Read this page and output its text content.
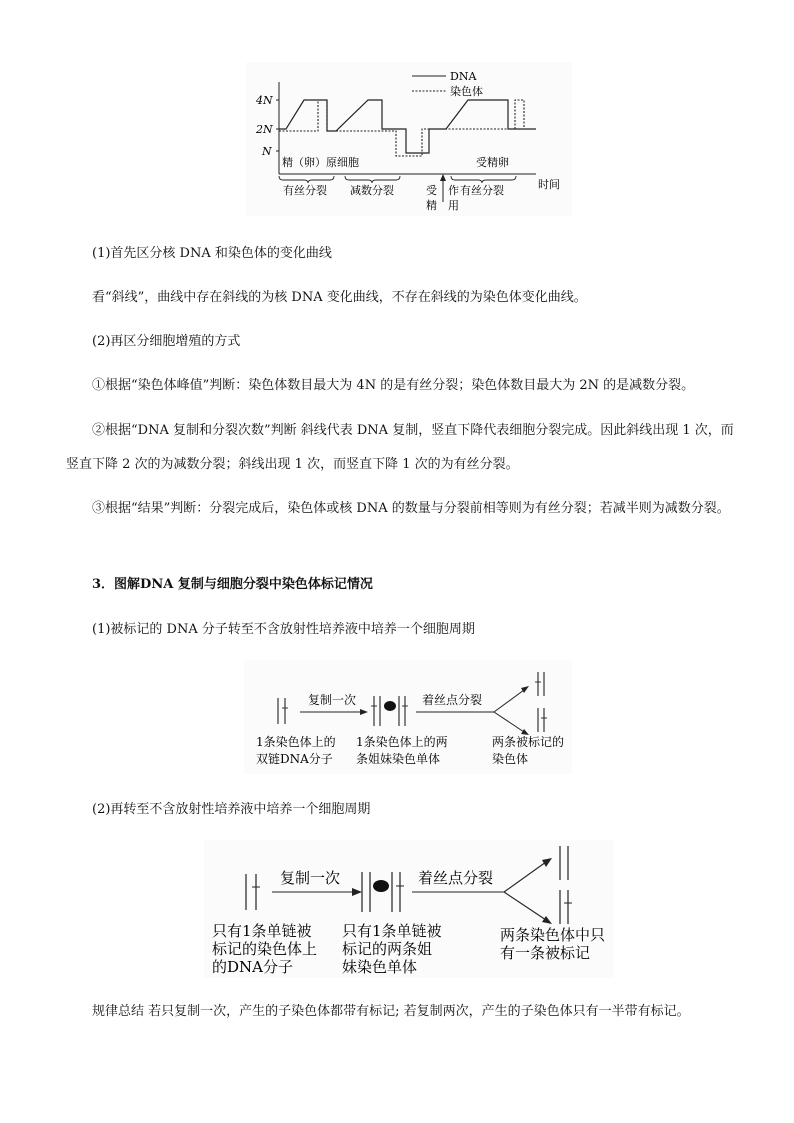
DNA
染色体
4N
2N
N
精（卵）原细胞	受精卵
有丝分裂 减数分裂	受
精
作
用
有丝分裂	时间
(1)首先区分核 DNA 和染色体的变化曲线
看“斜线”，曲线中存在斜线的为核 DNA 变化曲线，不存在斜线的为染色体变化曲线。
(2)再区分细胞增殖的方式
①根据“染色体峰值”判断：染色体数目最大为 4N 的是有丝分裂；染色体数目最大为 2N 的是减数分裂。
②根据“DNA 复制和分裂次数”判断 斜线代表 DNA 复制，竖直下降代表细胞分裂完成。因此斜线出现 1 次，而竖直下降 2 次的为减数分裂；斜线出现 1 次，而竖直下降 1 次的为有丝分裂。
③根据“结果”判断：分裂完成后，染色体或核 DNA 的数量与分裂前相等则为有丝分裂；若减半则为减数分裂。
3．图解DNA 复制与细胞分裂中染色体标记情况
(1)被标记的 DNA 分子转至不含放射性培养液中培养一个细胞周期
复制一次	着丝点分裂
1条染色体上的
双链DNA分子
1条染色体上的两
条姐妹染色单体
两条被标记的
染色体
(2)再转至不含放射性培养液中培养一个细胞周期
复制一次	着丝点分裂
只有1条单链被
标记的染色体上
的DNA分子
只有1条单链被
标记的两条姐
妹染色单体
两条染色体中只
有一条被标记
规律总结 若只复制一次，产生的子染色体都带有标记; 若复制两次，产生的子染色体只有一半带有标记。
